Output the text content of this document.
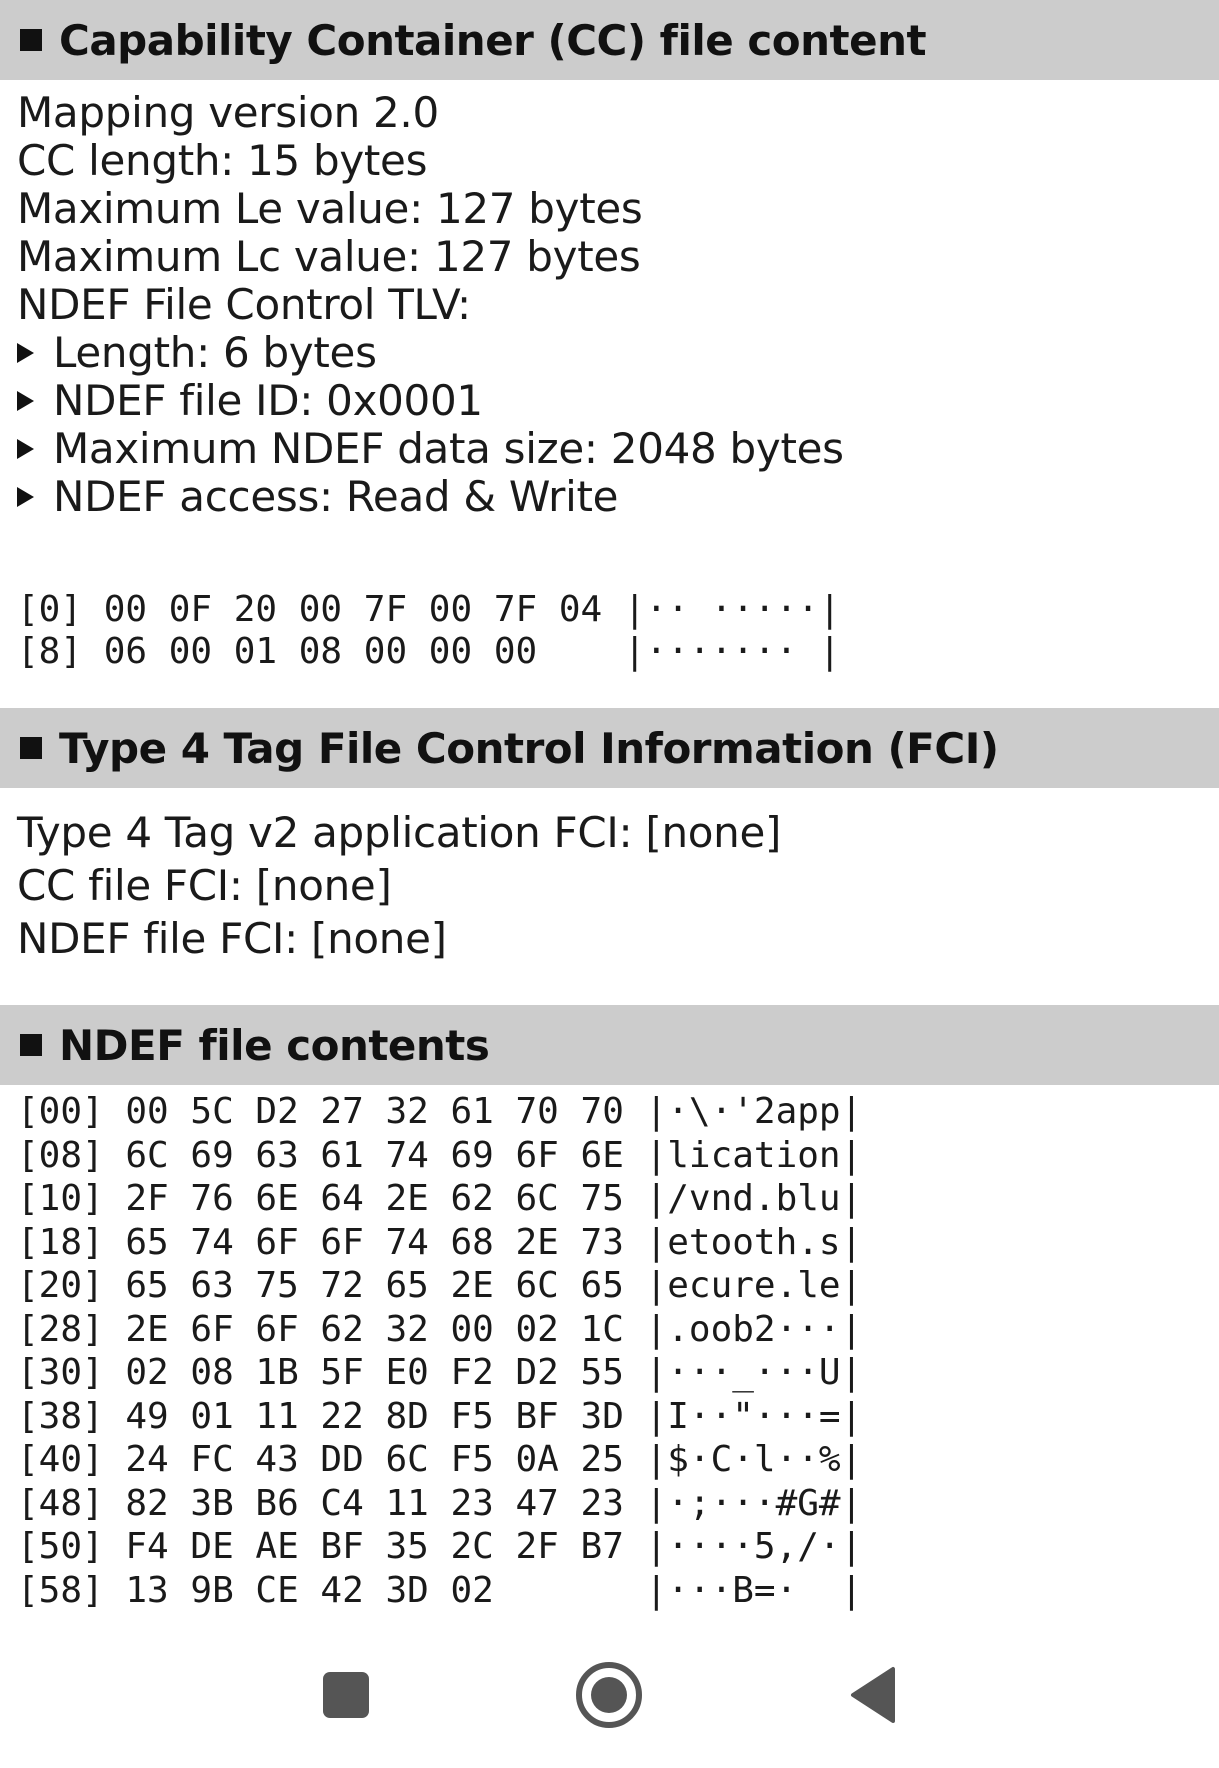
Capability Container (CC) file content
Mapping version 2.0
CC length: 15 bytes
Maximum Le value: 127 bytes
Maximum Lc value: 127 bytes
NDEF File Control TLV:
Length: 6 bytes
NDEF file ID: 0x0001
Maximum NDEF data size: 2048 bytes
NDEF access: Read & Write
[0] 00 0F 20 00 7F 00 7F 04 |·· ·····|
[8] 06 00 01 08 00 00 00    |······· |
Type 4 Tag File Control Information (FCI)
Type 4 Tag v2 application FCI: [none]
CC file FCI: [none]
NDEF file FCI: [none]
NDEF file contents
[00] 00 5C D2 27 32 61 70 70 |·\·'2app|
[08] 6C 69 63 61 74 69 6F 6E |lication|
[10] 2F 76 6E 64 2E 62 6C 75 |/vnd.blu|
[18] 65 74 6F 6F 74 68 2E 73 |etooth.s|
[20] 65 63 75 72 65 2E 6C 65 |ecure.le|
[28] 2E 6F 6F 62 32 00 02 1C |.oob2···|
[30] 02 08 1B 5F E0 F2 D2 55 |···_···U|
[38] 49 01 11 22 8D F5 BF 3D |I··"···=|
[40] 24 FC 43 DD 6C F5 0A 25 |$·C·l··%|
[48] 82 3B B6 C4 11 23 47 23 |·;···#G#|
[50] F4 DE AE BF 35 2C 2F B7 |····5,/·|
[58] 13 9B CE 42 3D 02       |···B=·  |
